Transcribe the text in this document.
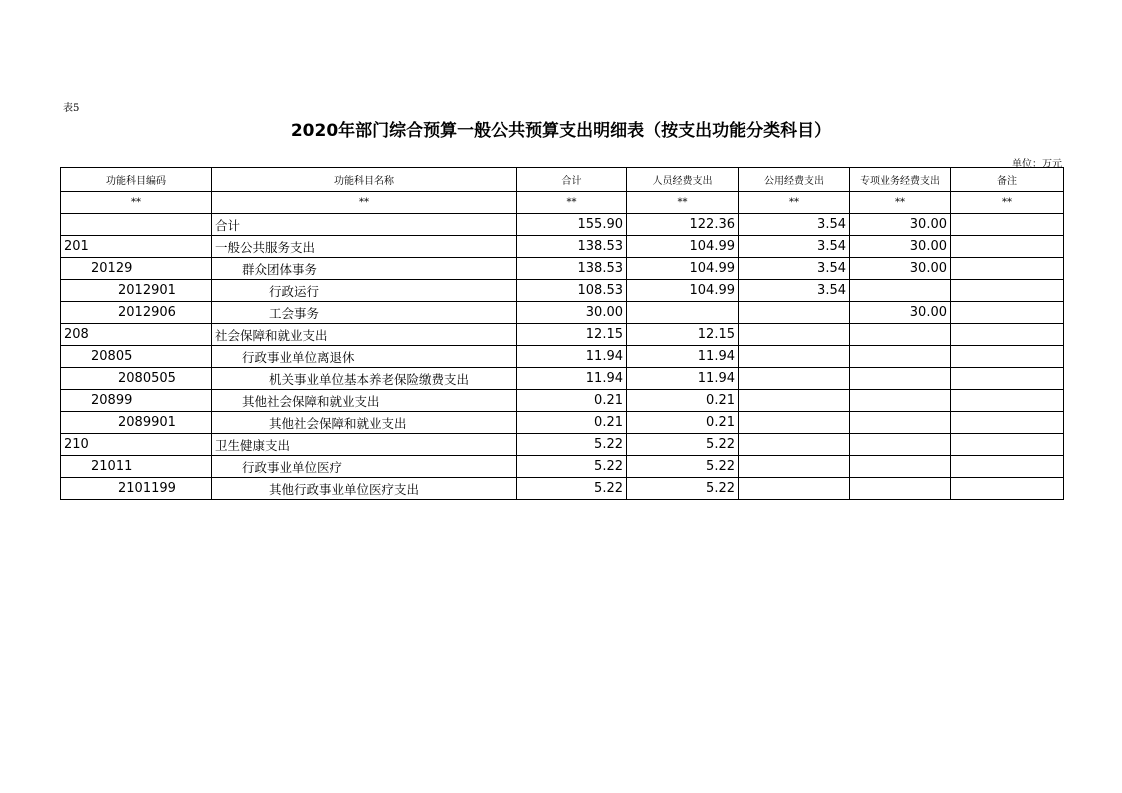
表5
2020年部门综合预算一般公共预算支出明细表（按支出功能分类科目）
单位：万元
功能科目编码	功能科目名称	合计	人员经费支出	公用经费支出	专项业务经费支出	备注
**	**	**	**	**	**	**
	合计	155.90	122.36	3.54	30.00	
201	一般公共服务支出	138.53	104.99	3.54	30.00	
20129	群众团体事务	138.53	104.99	3.54	30.00	
2012901	行政运行	108.53	104.99	3.54		
2012906	工会事务	30.00			30.00	
208	社会保障和就业支出	12.15	12.15			
20805	行政事业单位离退休	11.94	11.94			
2080505	机关事业单位基本养老保险缴费支出	11.94	11.94			
20899	其他社会保障和就业支出	0.21	0.21			
2089901	其他社会保障和就业支出	0.21	0.21			
210	卫生健康支出	5.22	5.22			
21011	行政事业单位医疗	5.22	5.22			
2101199	其他行政事业单位医疗支出	5.22	5.22			
